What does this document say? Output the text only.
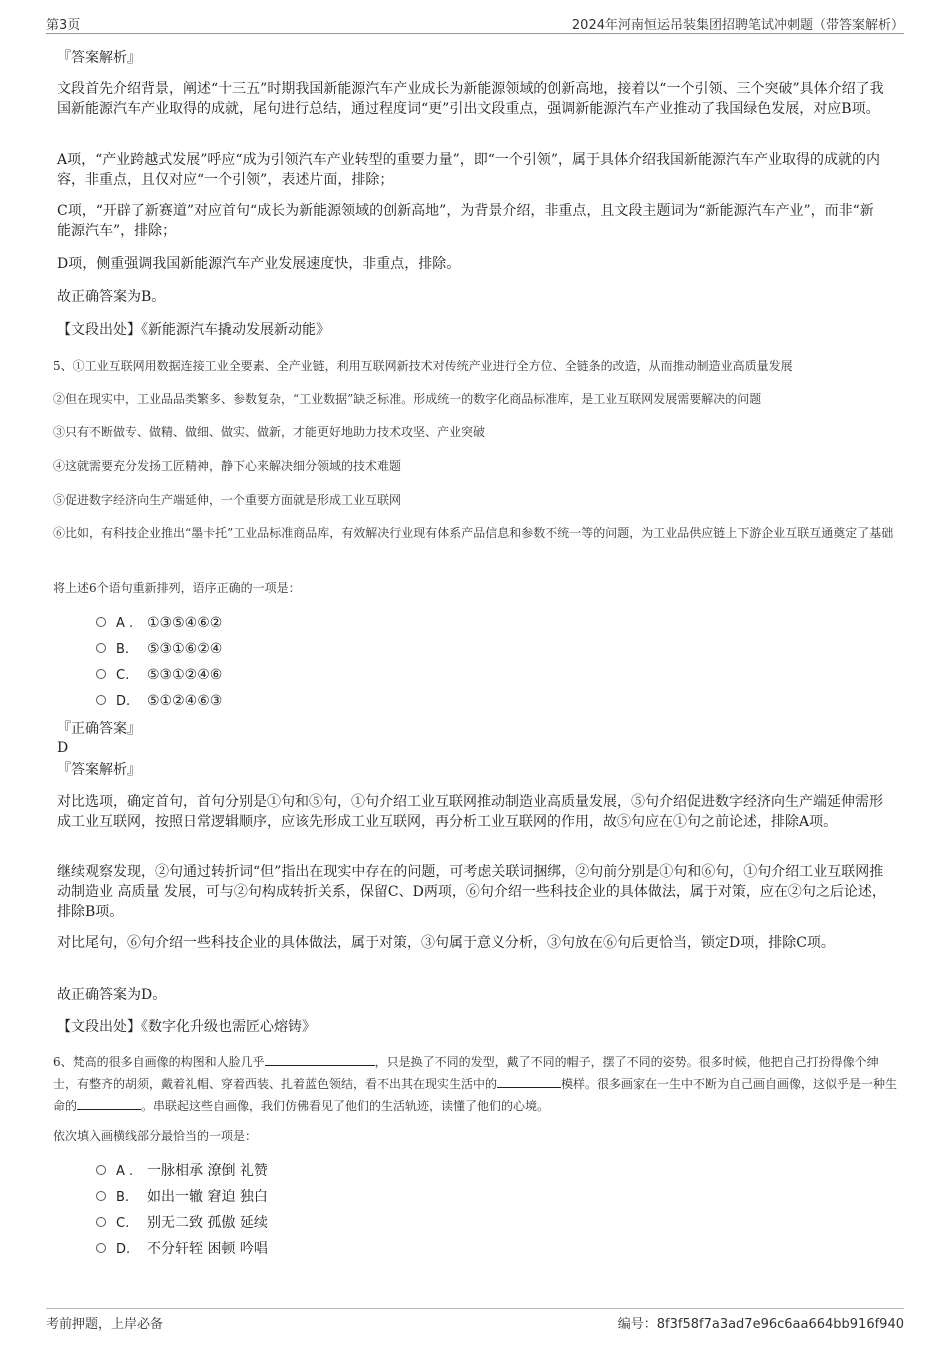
第3页	2024年河南恒运吊装集团招聘笔试冲刺题（带答案解析）
『答案解析』

文段首先介绍背景，阐述“十三五”时期我国新能源汽车产业成长为新能源领域的创新高地，接着以“一个引领、三个突破”具体介绍了我国新能源汽车产业取得的成就，尾句进行总结，通过程度词“更”引出文段重点，强调新能源汽车产业推动了我国绿色发展，对应B项。

A项，“产业跨越式发展”呼应“成为引领汽车产业转型的重要力量”，即“一个引领”，属于具体介绍我国新能源汽车产业取得的成就的内容，非重点，且仅对应“一个引领”，表述片面，排除；

C项，“开辟了新赛道”对应首句“成长为新能源领域的创新高地”，为背景介绍，非重点，且文段主题词为“新能源汽车产业”，而非“新能源汽车”，排除；

D项，侧重强调我国新能源汽车产业发展速度快，非重点，排除。

故正确答案为B。

【文段出处】《新能源汽车撬动发展新动能》

5、①工业互联网用数据连接工业全要素、全产业链，利用互联网新技术对传统产业进行全方位、全链条的改造，从而推动制造业高质量发展

②但在现实中，工业品品类繁多、参数复杂，“工业数据”缺乏标准。形成统一的数字化商品标准库，是工业互联网发展需要解决的问题

③只有不断做专、做精、做细、做实、做新，才能更好地助力技术攻坚、产业突破

④这就需要充分发扬工匠精神，静下心来解决细分领域的技术难题

⑤促进数字经济向生产端延伸，一个重要方面就是形成工业互联网

⑥比如，有科技企业推出“墨卡托”工业品标准商品库，有效解决行业现有体系产品信息和参数不统一等的问题，为工业品供应链上下游企业互联互通奠定了基础

将上述6个语句重新排列，语序正确的一项是：

A . ①③⑤④⑥②
B. ⑤③①⑥②④
C. ⑤③①②④⑥
D. ⑤①②④⑥③
『正确答案』
D
『答案解析』

对比选项，确定首句，首句分别是①句和⑤句，①句介绍工业互联网推动制造业高质量发展，⑤句介绍促进数字经济向生产端延伸需形成工业互联网，按照日常逻辑顺序，应该先形成工业互联网，再分析工业互联网的作用，故⑤句应在①句之前论述，排除A项。

继续观察发现，②句通过转折词“但”指出在现实中存在的问题，可考虑关联词捆绑，②句前分别是①句和⑥句，①句介绍工业互联网推动制造业 高质量 发展，可与②句构成转折关系，保留C、D两项，⑥句介绍一些科技企业的具体做法，属于对策，应在②句之后论述，排除B项。

对比尾句，⑥句介绍一些科技企业的具体做法，属于对策，③句属于意义分析，③句放在⑥句后更恰当，锁定D项，排除C项。

故正确答案为D。

【文段出处】《数字化升级也需匠心熔铸》

6、梵高的很多自画像的构图和人脸几乎	，只是换了不同的发型，戴了不同的帽子，摆了不同的姿势。很多时候，他把自己打扮得像个绅士，有整齐的胡须，戴着礼帽、穿着西装、扎着蓝色领结，看不出其在现实生活中的	模样。很多画家在一生中不断为自己画自画像，这似乎是一种生命的	。串联起这些自画像，我们仿佛看见了他们的生活轨迹，读懂了他们的心境。

依次填入画横线部分最恰当的一项是：

A . 一脉相承 潦倒 礼赞
B. 如出一辙 窘迫 独白
C. 别无二致 孤傲 延续
D. 不分轩轾 困顿 吟唱
考前押题，上岸必备	编号：8f3f58f7a3ad7e96c6aa664bb916f940
